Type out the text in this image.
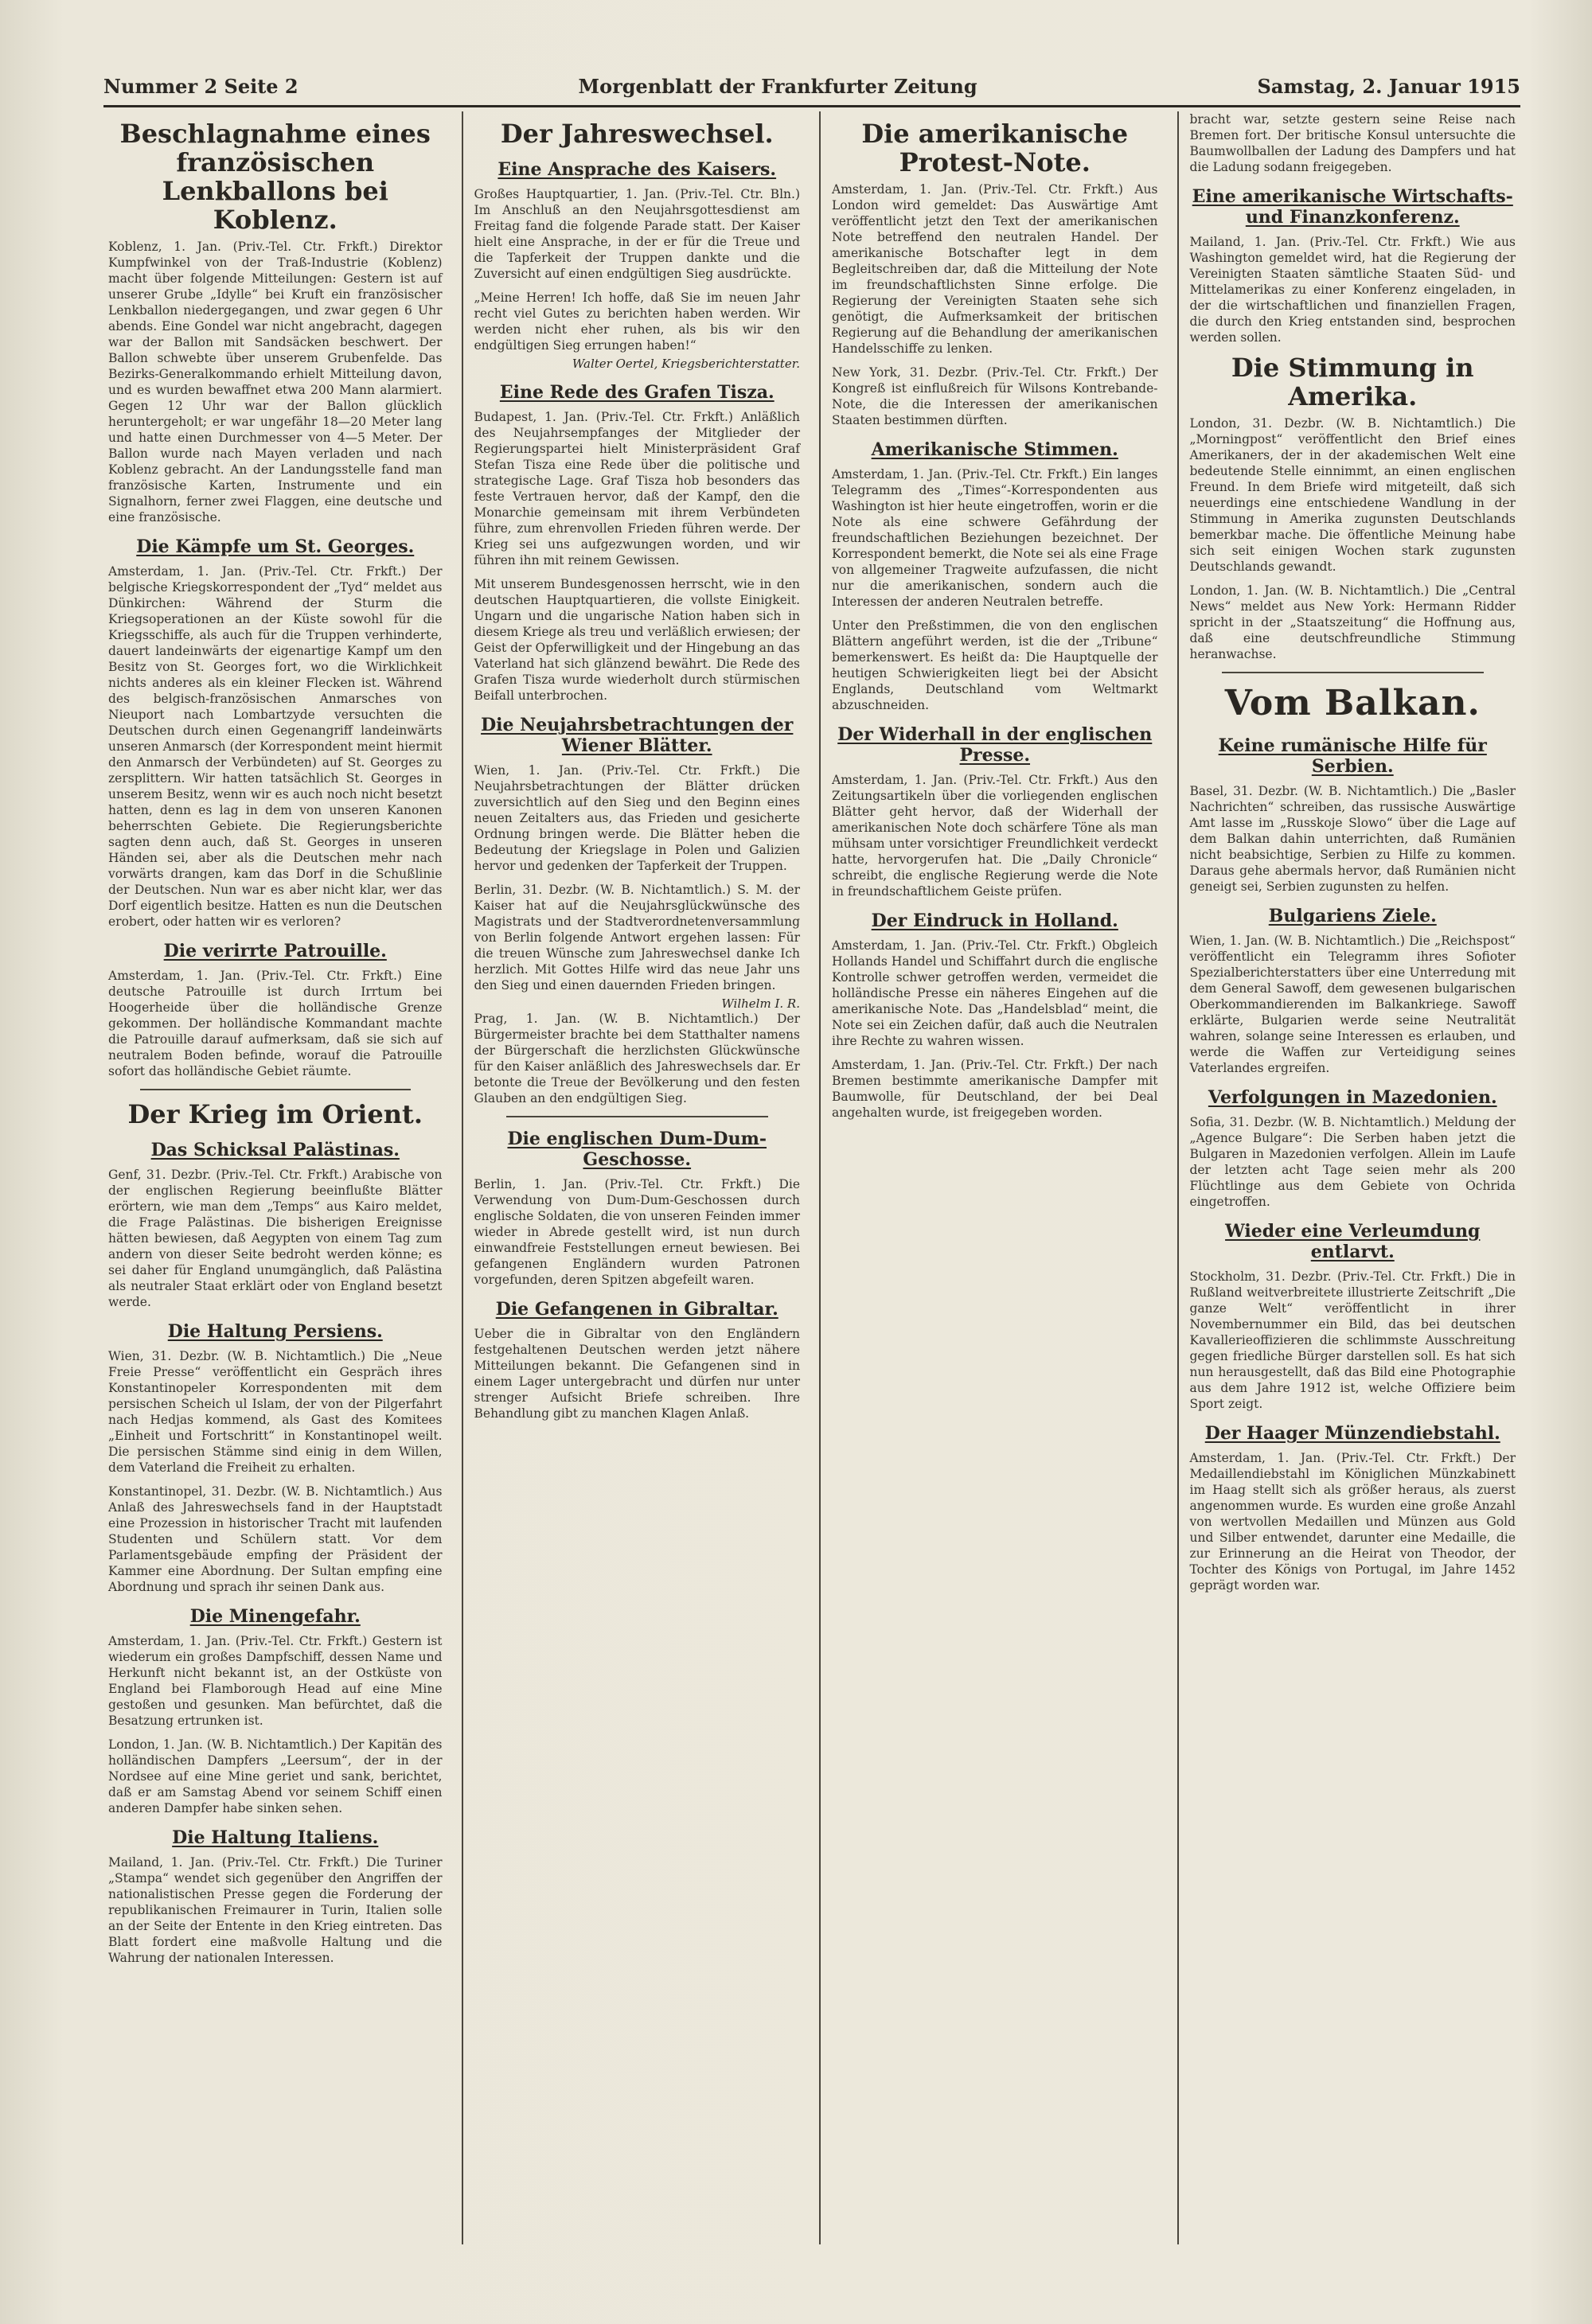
Nummer 2 Seite 2	Morgenblatt der Frankfurter Zeitung	Samstag, 2. Januar 1915
Beschlagnahme eines französischen Lenkballons bei Koblenz.

Koblenz, 1. Jan. (Priv.-Tel. Ctr. Frkft.) Direktor Kumpfwinkel von der Traß-Industrie (Koblenz) macht über folgende Mitteilungen: Gestern ist auf unserer Grube „Idylle“ bei Kruft ein französischer Lenkballon niedergegangen, und zwar gegen 6 Uhr abends. Eine Gondel war nicht angebracht, dagegen war der Ballon mit Sandsäcken beschwert. Der Ballon schwebte über unserem Grubenfelde. Das Bezirks-Generalkommando erhielt Mitteilung davon, und es wurden bewaffnet etwa 200 Mann alarmiert. Gegen 12 Uhr war der Ballon glücklich heruntergeholt; er war ungefähr 18—20 Meter lang und hatte einen Durchmesser von 4—5 Meter. Der Ballon wurde nach Mayen verladen und nach Koblenz gebracht. An der Landungsstelle fand man französische Karten, Instrumente und ein Signalhorn, ferner zwei Flaggen, eine deutsche und eine französische.

Die Kämpfe um St. Georges.

Amsterdam, 1. Jan. (Priv.-Tel. Ctr. Frkft.) Der belgische Kriegskorrespondent der „Tyd“ meldet aus Dünkirchen: Während der Sturm die Kriegsoperationen an der Küste sowohl für die Kriegsschiffe, als auch für die Truppen verhinderte, dauert landeinwärts der eigenartige Kampf um den Besitz von St. Georges fort, wo die Wirklichkeit nichts anderes als ein kleiner Flecken ist. Während des belgisch-französischen Anmarsches von Nieuport nach Lombartzyde versuchten die Deutschen durch einen Gegenangriff landeinwärts unseren Anmarsch (der Korrespondent meint hiermit den Anmarsch der Verbündeten) auf St. Georges zu zersplittern. Wir hatten tatsächlich St. Georges in unserem Besitz, wenn wir es auch noch nicht besetzt hatten, denn es lag in dem von unseren Kanonen beherrschten Gebiete. Die Regierungsberichte sagten denn auch, daß St. Georges in unseren Händen sei, aber als die Deutschen mehr nach vorwärts drangen, kam das Dorf in die Schußlinie der Deutschen. Nun war es aber nicht klar, wer das Dorf eigentlich besitze. Hatten es nun die Deutschen erobert, oder hatten wir es verloren?

Die verirrte Patrouille.

Amsterdam, 1. Jan. (Priv.-Tel. Ctr. Frkft.) Eine deutsche Patrouille ist durch Irrtum bei Hoogerheide über die holländische Grenze gekommen. Der holländische Kommandant machte die Patrouille darauf aufmerksam, daß sie sich auf neutralem Boden befinde, worauf die Patrouille sofort das holländische Gebiet räumte.

Der Krieg im Orient.
Das Schicksal Palästinas.

Genf, 31. Dezbr. (Priv.-Tel. Ctr. Frkft.) Arabische von der englischen Regierung beeinflußte Blätter erörtern, wie man dem „Temps“ aus Kairo meldet, die Frage Palästinas. Die bisherigen Ereignisse hätten bewiesen, daß Aegypten von einem Tag zum andern von dieser Seite bedroht werden könne; es sei daher für England unumgänglich, daß Palästina als neutraler Staat erklärt oder von England besetzt werde.

Die Haltung Persiens.

Wien, 31. Dezbr. (W. B. Nichtamtlich.) Die „Neue Freie Presse“ veröffentlicht ein Gespräch ihres Konstantinopeler Korrespondenten mit dem persischen Scheich ul Islam, der von der Pilgerfahrt nach Hedjas kommend, als Gast des Komitees „Einheit und Fortschritt“ in Konstantinopel weilt. Die persischen Stämme sind einig in dem Willen, dem Vaterland die Freiheit zu erhalten.

Konstantinopel, 31. Dezbr. (W. B. Nichtamtlich.) Aus Anlaß des Jahreswechsels fand in der Hauptstadt eine Prozession in historischer Tracht mit laufenden Studenten und Schülern statt. Vor dem Parlamentsgebäude empfing der Präsident der Kammer eine Abordnung. Der Sultan empfing eine Abordnung und sprach ihr seinen Dank aus.

Die Minengefahr.

Amsterdam, 1. Jan. (Priv.-Tel. Ctr. Frkft.) Gestern ist wiederum ein großes Dampfschiff, dessen Name und Herkunft nicht bekannt ist, an der Ostküste von England bei Flamborough Head auf eine Mine gestoßen und gesunken. Man befürchtet, daß die Besatzung ertrunken ist.

London, 1. Jan. (W. B. Nichtamtlich.) Der Kapitän des holländischen Dampfers „Leersum“, der in der Nordsee auf eine Mine geriet und sank, berichtet, daß er am Samstag Abend vor seinem Schiff einen anderen Dampfer habe sinken sehen.

Die Haltung Italiens.

Mailand, 1. Jan. (Priv.-Tel. Ctr. Frkft.) Die Turiner „Stampa“ wendet sich gegenüber den Angriffen der nationalistischen Presse gegen die Forderung der republikanischen Freimaurer in Turin, Italien solle an der Seite der Entente in den Krieg eintreten. Das Blatt fordert eine maßvolle Haltung und die Wahrung der nationalen Interessen.

Der Jahreswechsel.
Eine Ansprache des Kaisers.

Großes Hauptquartier, 1. Jan. (Priv.-Tel. Ctr. Bln.) Im Anschluß an den Neujahrsgottesdienst am Freitag fand die folgende Parade statt. Der Kaiser hielt eine Ansprache, in der er für die Treue und die Tapferkeit der Truppen dankte und die Zuversicht auf einen endgültigen Sieg ausdrückte.

„Meine Herren! Ich hoffe, daß Sie im neuen Jahr recht viel Gutes zu berichten haben werden. Wir werden nicht eher ruhen, als bis wir den endgültigen Sieg errungen haben!“

Walter Oertel, Kriegsberichterstatter.

Eine Rede des Grafen Tisza.

Budapest, 1. Jan. (Priv.-Tel. Ctr. Frkft.) Anläßlich des Neujahrsempfanges der Mitglieder der Regierungspartei hielt Ministerpräsident Graf Stefan Tisza eine Rede über die politische und strategische Lage. Graf Tisza hob besonders das feste Vertrauen hervor, daß der Kampf, den die Monarchie gemeinsam mit ihrem Verbündeten führe, zum ehrenvollen Frieden führen werde. Der Krieg sei uns aufgezwungen worden, und wir führen ihn mit reinem Gewissen.

Mit unserem Bundesgenossen herrscht, wie in den deutschen Hauptquartieren, die vollste Einigkeit. Ungarn und die ungarische Nation haben sich in diesem Kriege als treu und verläßlich erwiesen; der Geist der Opferwilligkeit und der Hingebung an das Vaterland hat sich glänzend bewährt. Die Rede des Grafen Tisza wurde wiederholt durch stürmischen Beifall unterbrochen.

Die Neujahrsbetrachtungen der Wiener Blätter.

Wien, 1. Jan. (Priv.-Tel. Ctr. Frkft.) Die Neujahrsbetrachtungen der Blätter drücken zuversichtlich auf den Sieg und den Beginn eines neuen Zeitalters aus, das Frieden und gesicherte Ordnung bringen werde. Die Blätter heben die Bedeutung der Kriegslage in Polen und Galizien hervor und gedenken der Tapferkeit der Truppen.

Berlin, 31. Dezbr. (W. B. Nichtamtlich.) S. M. der Kaiser hat auf die Neujahrsglückwünsche des Magistrats und der Stadtverordnetenversammlung von Berlin folgende Antwort ergehen lassen: Für die treuen Wünsche zum Jahreswechsel danke Ich herzlich. Mit Gottes Hilfe wird das neue Jahr uns den Sieg und einen dauernden Frieden bringen.

Wilhelm I. R.

Prag, 1. Jan. (W. B. Nichtamtlich.) Der Bürgermeister brachte bei dem Statthalter namens der Bürgerschaft die herzlichsten Glückwünsche für den Kaiser anläßlich des Jahreswechsels dar. Er betonte die Treue der Bevölkerung und den festen Glauben an den endgültigen Sieg.

Die englischen Dum-Dum-Geschosse.

Berlin, 1. Jan. (Priv.-Tel. Ctr. Frkft.) Die Verwendung von Dum-Dum-Geschossen durch englische Soldaten, die von unseren Feinden immer wieder in Abrede gestellt wird, ist nun durch einwandfreie Feststellungen erneut bewiesen. Bei gefangenen Engländern wurden Patronen vorgefunden, deren Spitzen abgefeilt waren.

Die Gefangenen in Gibraltar.

Ueber die in Gibraltar von den Engländern festgehaltenen Deutschen werden jetzt nähere Mitteilungen bekannt. Die Gefangenen sind in einem Lager untergebracht und dürfen nur unter strenger Aufsicht Briefe schreiben. Ihre Behandlung gibt zu manchen Klagen Anlaß.

Die amerikanische Protest-Note.

Amsterdam, 1. Jan. (Priv.-Tel. Ctr. Frkft.) Aus London wird gemeldet: Das Auswärtige Amt veröffentlicht jetzt den Text der amerikanischen Note betreffend den neutralen Handel. Der amerikanische Botschafter legt in dem Begleitschreiben dar, daß die Mitteilung der Note im freundschaftlichsten Sinne erfolge. Die Regierung der Vereinigten Staaten sehe sich genötigt, die Aufmerksamkeit der britischen Regierung auf die Behandlung der amerikanischen Handelsschiffe zu lenken.

New York, 31. Dezbr. (Priv.-Tel. Ctr. Frkft.) Der Kongreß ist einflußreich für Wilsons Kontrebande-Note, die die Interessen der amerikanischen Staaten bestimmen dürften.

Amerikanische Stimmen.

Amsterdam, 1. Jan. (Priv.-Tel. Ctr. Frkft.) Ein langes Telegramm des „Times“-Korrespondenten aus Washington ist hier heute eingetroffen, worin er die Note als eine schwere Gefährdung der freundschaftlichen Beziehungen bezeichnet. Der Korrespondent bemerkt, die Note sei als eine Frage von allgemeiner Tragweite aufzufassen, die nicht nur die amerikanischen, sondern auch die Interessen der anderen Neutralen betreffe.

Unter den Preßstimmen, die von den englischen Blättern angeführt werden, ist die der „Tribune“ bemerkenswert. Es heißt da: Die Hauptquelle der heutigen Schwierigkeiten liegt bei der Absicht Englands, Deutschland vom Weltmarkt abzuschneiden.

Der Widerhall in der englischen Presse.

Amsterdam, 1. Jan. (Priv.-Tel. Ctr. Frkft.) Aus den Zeitungsartikeln über die vorliegenden englischen Blätter geht hervor, daß der Widerhall der amerikanischen Note doch schärfere Töne als man mühsam unter vorsichtiger Freundlichkeit verdeckt hatte, hervorgerufen hat. Die „Daily Chronicle“ schreibt, die englische Regierung werde die Note in freundschaftlichem Geiste prüfen.

Der Eindruck in Holland.

Amsterdam, 1. Jan. (Priv.-Tel. Ctr. Frkft.) Obgleich Hollands Handel und Schiffahrt durch die englische Kontrolle schwer getroffen werden, vermeidet die holländische Presse ein näheres Eingehen auf die amerikanische Note. Das „Handelsblad“ meint, die Note sei ein Zeichen dafür, daß auch die Neutralen ihre Rechte zu wahren wissen.

Amsterdam, 1. Jan. (Priv.-Tel. Ctr. Frkft.) Der nach Bremen bestimmte amerikanische Dampfer mit Baumwolle, für Deutschland, der bei Deal angehalten wurde, ist freigegeben worden.

bracht war, setzte gestern seine Reise nach Bremen fort. Der britische Konsul untersuchte die Baumwollballen der Ladung des Dampfers und hat die Ladung sodann freigegeben.

Eine amerikanische Wirtschafts- und Finanzkonferenz.

Mailand, 1. Jan. (Priv.-Tel. Ctr. Frkft.) Wie aus Washington gemeldet wird, hat die Regierung der Vereinigten Staaten sämtliche Staaten Süd- und Mittelamerikas zu einer Konferenz eingeladen, in der die wirtschaftlichen und finanziellen Fragen, die durch den Krieg entstanden sind, besprochen werden sollen.

Die Stimmung in Amerika.

London, 31. Dezbr. (W. B. Nichtamtlich.) Die „Morningpost“ veröffentlicht den Brief eines Amerikaners, der in der akademischen Welt eine bedeutende Stelle einnimmt, an einen englischen Freund. In dem Briefe wird mitgeteilt, daß sich neuerdings eine entschiedene Wandlung in der Stimmung in Amerika zugunsten Deutschlands bemerkbar mache. Die öffentliche Meinung habe sich seit einigen Wochen stark zugunsten Deutschlands gewandt.

London, 1. Jan. (W. B. Nichtamtlich.) Die „Central News“ meldet aus New York: Hermann Ridder spricht in der „Staatszeitung“ die Hoffnung aus, daß eine deutschfreundliche Stimmung heranwachse.

Vom Balkan.
Keine rumänische Hilfe für Serbien.

Basel, 31. Dezbr. (W. B. Nichtamtlich.) Die „Basler Nachrichten“ schreiben, das russische Auswärtige Amt lasse im „Russkoje Slowo“ über die Lage auf dem Balkan dahin unterrichten, daß Rumänien nicht beabsichtige, Serbien zu Hilfe zu kommen. Daraus gehe abermals hervor, daß Rumänien nicht geneigt sei, Serbien zugunsten zu helfen.

Bulgariens Ziele.

Wien, 1. Jan. (W. B. Nichtamtlich.) Die „Reichspost“ veröffentlicht ein Telegramm ihres Sofioter Spezialberichterstatters über eine Unterredung mit dem General Sawoff, dem gewesenen bulgarischen Oberkommandierenden im Balkankriege. Sawoff erklärte, Bulgarien werde seine Neutralität wahren, solange seine Interessen es erlauben, und werde die Waffen zur Verteidigung seines Vaterlandes ergreifen.

Verfolgungen in Mazedonien.

Sofia, 31. Dezbr. (W. B. Nichtamtlich.) Meldung der „Agence Bulgare“: Die Serben haben jetzt die Bulgaren in Mazedonien verfolgen. Allein im Laufe der letzten acht Tage seien mehr als 200 Flüchtlinge aus dem Gebiete von Ochrida eingetroffen.

Wieder eine Verleumdung entlarvt.

Stockholm, 31. Dezbr. (Priv.-Tel. Ctr. Frkft.) Die in Rußland weitverbreitete illustrierte Zeitschrift „Die ganze Welt“ veröffentlicht in ihrer Novembernummer ein Bild, das bei deutschen Kavallerieoffizieren die schlimmste Ausschreitung gegen friedliche Bürger darstellen soll. Es hat sich nun herausgestellt, daß das Bild eine Photographie aus dem Jahre 1912 ist, welche Offiziere beim Sport zeigt.

Der Haager Münzendiebstahl.

Amsterdam, 1. Jan. (Priv.-Tel. Ctr. Frkft.) Der Medaillendiebstahl im Königlichen Münzkabinett im Haag stellt sich als größer heraus, als zuerst angenommen wurde. Es wurden eine große Anzahl von wertvollen Medaillen und Münzen aus Gold und Silber entwendet, darunter eine Medaille, die zur Erinnerung an die Heirat von Theodor, der Tochter des Königs von Portugal, im Jahre 1452 geprägt worden war.
